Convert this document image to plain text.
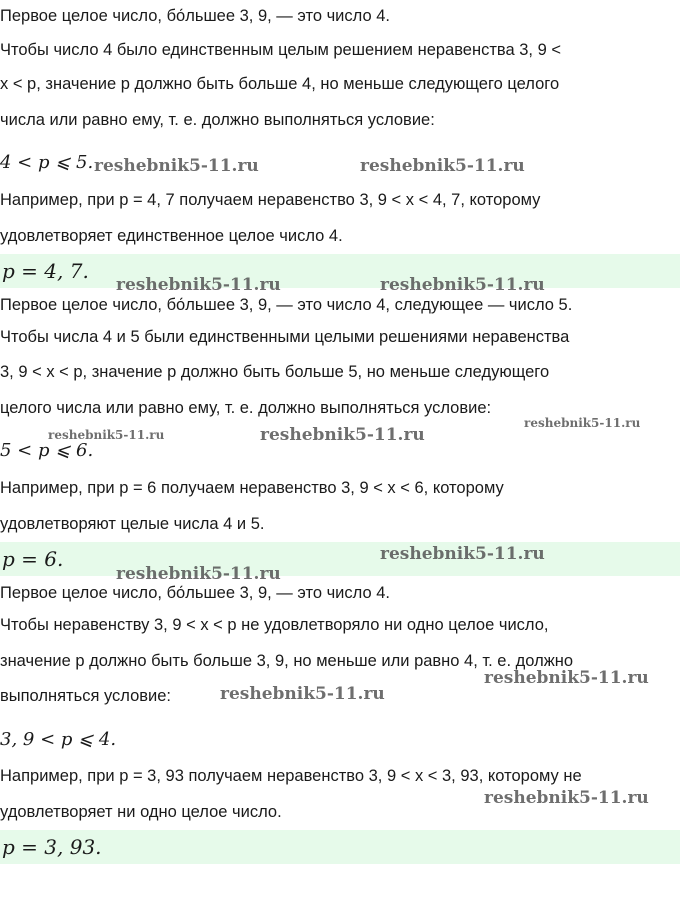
Первое целое число, бо́льшее 3, 9, — это число 4.
Чтобы число 4 было единственным целым решением неравенства 3, 9 <
x < p, значение p должно быть больше 4, но меньше следующего целого
числа или равно ему, т. е. должно выполняться условие:
4 < p ⩽ 5.
Например, при p = 4, 7 получаем неравенство 3, 9 < x < 4, 7, которому
удовлетворяет единственное целое число 4.
p = 4, 7.
Первое целое число, бо́льшее 3, 9, — это число 4, следующее — число 5.
Чтобы числа 4 и 5 были единственными целыми решениями неравенства
3, 9 < x < p, значение p должно быть больше 5, но меньше следующего
целого числа или равно ему, т. е. должно выполняться условие:
5 < p ⩽ 6.
Например, при p = 6 получаем неравенство 3, 9 < x < 6, которому
удовлетворяют целые числа 4 и 5.
p = 6.
Первое целое число, бо́льшее 3, 9, — это число 4.
Чтобы неравенству 3, 9 < x < p не удовлетворяло ни одно целое число,
значение p должно быть больше 3, 9, но меньше или равно 4, т. е. должно
выполняться условие:
3, 9 < p ⩽ 4.
Например, при p = 3, 93 получаем неравенство 3, 9 < x < 3, 93, которому не
удовлетворяет ни одно целое число.
p = 3, 93.
reshebnik5-11.ru	reshebnik5-11.ru
reshebnik5-11.ru	reshebnik5-11.ru
reshebnik5-11.ru	reshebnik5-11.ru
reshebnik5-11.ru
reshebnik5-11.ru
reshebnik5-11.ru
reshebnik5-11.ru
reshebnik5-11.ru
reshebnik5-11.ru
